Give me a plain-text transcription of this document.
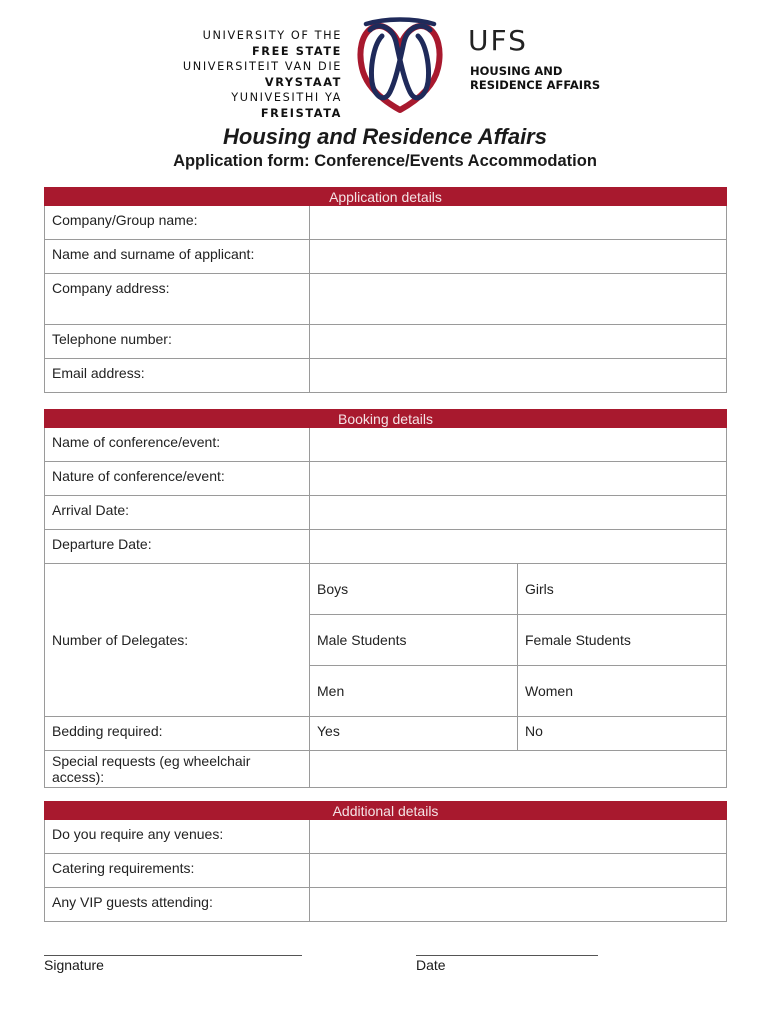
UNIVERSITY OF THE
FREE STATE
UNIVERSITEIT VAN DIE
VRYSTAAT
YUNIVESITHI YA
FREISTATA
UFS
HOUSING AND
RESIDENCE AFFAIRS
Housing and Residence Affairs
Application form: Conference/Events Accommodation
Application details	
Company/Group name:	
Name and surname of applicant:	
Company address:	
Telephone number:	
Email address:	
Booking details		
Name of conference/event:		
Nature of conference/event:		
Arrival Date:		
Departure Date:		
Number of Delegates:	Boys	Girls
	Male Students	Female Students
	Men	Women
Bedding required:	Yes	No
Special requests (eg wheelchair access):		
Additional details	
Do you require any venues:	
Catering requirements:	
Any VIP guests attending:	
Signature	Date
